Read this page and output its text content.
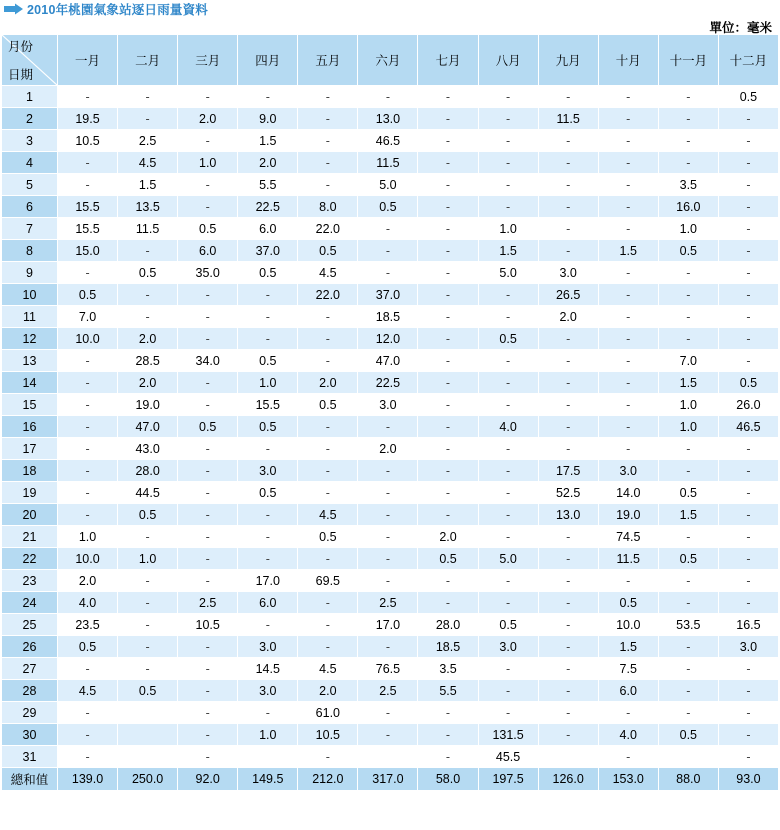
2010年桃園氣象站逐日雨量資料
單位：毫米
月份
日期	一月	二月	三月	四月	五月	六月	七月	八月	九月	十月	十一月	十二月
1	-	-	-	-	-	-	-	-	-	-	-	0.5
2	19.5	-	2.0	9.0	-	13.0	-	-	11.5	-	-	-
3	10.5	2.5	-	1.5	-	46.5	-	-	-	-	-	-
4	-	4.5	1.0	2.0	-	11.5	-	-	-	-	-	-
5	-	1.5	-	5.5	-	5.0	-	-	-	-	3.5	-
6	15.5	13.5	-	22.5	8.0	0.5	-	-	-	-	16.0	-
7	15.5	11.5	0.5	6.0	22.0	-	-	1.0	-	-	1.0	-
8	15.0	-	6.0	37.0	0.5	-	-	1.5	-	1.5	0.5	-
9	-	0.5	35.0	0.5	4.5	-	-	5.0	3.0	-	-	-
10	0.5	-	-	-	22.0	37.0	-	-	26.5	-	-	-
11	7.0	-	-	-	-	18.5	-	-	2.0	-	-	-
12	10.0	2.0	-	-	-	12.0	-	0.5	-	-	-	-
13	-	28.5	34.0	0.5	-	47.0	-	-	-	-	7.0	-
14	-	2.0	-	1.0	2.0	22.5	-	-	-	-	1.5	0.5
15	-	19.0	-	15.5	0.5	3.0	-	-	-	-	1.0	26.0
16	-	47.0	0.5	0.5	-	-	-	4.0	-	-	1.0	46.5
17	-	43.0	-	-	-	2.0	-	-	-	-	-	-
18	-	28.0	-	3.0	-	-	-	-	17.5	3.0	-	-
19	-	44.5	-	0.5	-	-	-	-	52.5	14.0	0.5	-
20	-	0.5	-	-	4.5	-	-	-	13.0	19.0	1.5	-
21	1.0	-	-	-	0.5	-	2.0	-	-	74.5	-	-
22	10.0	1.0	-	-	-	-	0.5	5.0	-	11.5	0.5	-
23	2.0	-	-	17.0	69.5	-	-	-	-	-	-	-
24	4.0	-	2.5	6.0	-	2.5	-	-	-	0.5	-	-
25	23.5	-	10.5	-	-	17.0	28.0	0.5	-	10.0	53.5	16.5
26	0.5	-	-	3.0	-	-	18.5	3.0	-	1.5	-	3.0
27	-	-	-	14.5	4.5	76.5	3.5	-	-	7.5	-	-
28	4.5	0.5	-	3.0	2.0	2.5	5.5	-	-	6.0	-	-
29	-		-	-	61.0	-	-	-	-	-	-	-
30	-		-	1.0	10.5	-	-	131.5	-	4.0	0.5	-
31	-		-		-		-	45.5		-		-
總和值	139.0	250.0	92.0	149.5	212.0	317.0	58.0	197.5	126.0	153.0	88.0	93.0
